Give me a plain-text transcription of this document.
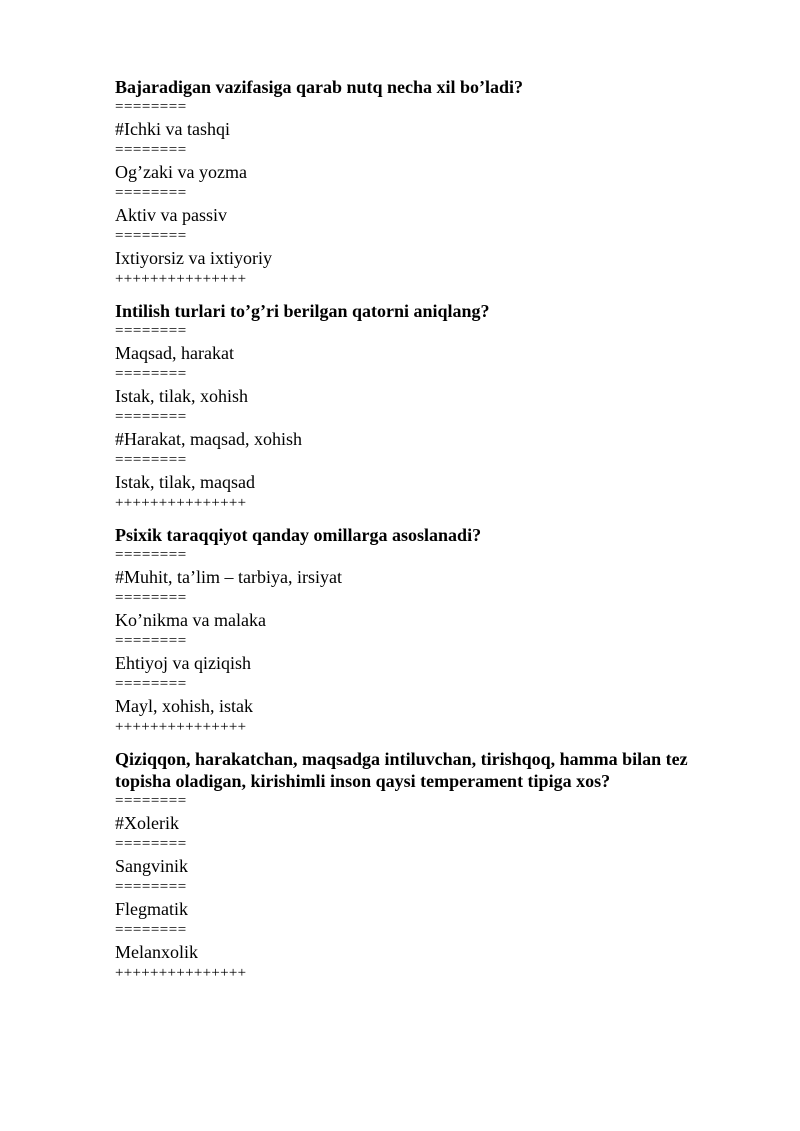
Bajaradigan vazifasiga qarab nutq necha xil bo’ladi?
========
#Ichki va tashqi
========
Og’zaki va yozma
========
Aktiv va passiv
========
Ixtiyorsiz va ixtiyoriy
+++++++++++++++
Intilish turlari to’g’ri berilgan qatorni aniqlang?
========
Maqsad, harakat
========
Istak, tilak, xohish
========
#Harakat, maqsad, xohish
========
Istak, tilak, maqsad
+++++++++++++++
Psixik taraqqiyot qanday omillarga asoslanadi?
========
#Muhit, ta’lim – tarbiya, irsiyat
========
Ko’nikma va malaka
========
Ehtiyoj va qiziqish
========
Mayl, xohish, istak
+++++++++++++++
Qiziqqon, harakatchan, maqsadga intiluvchan, tirishqoq, hamma bilan tez topisha oladigan, kirishimli inson qaysi temperament tipiga xos?
========
#Xolerik
========
Sangvinik
========
Flegmatik
========
Melanxolik
+++++++++++++++
